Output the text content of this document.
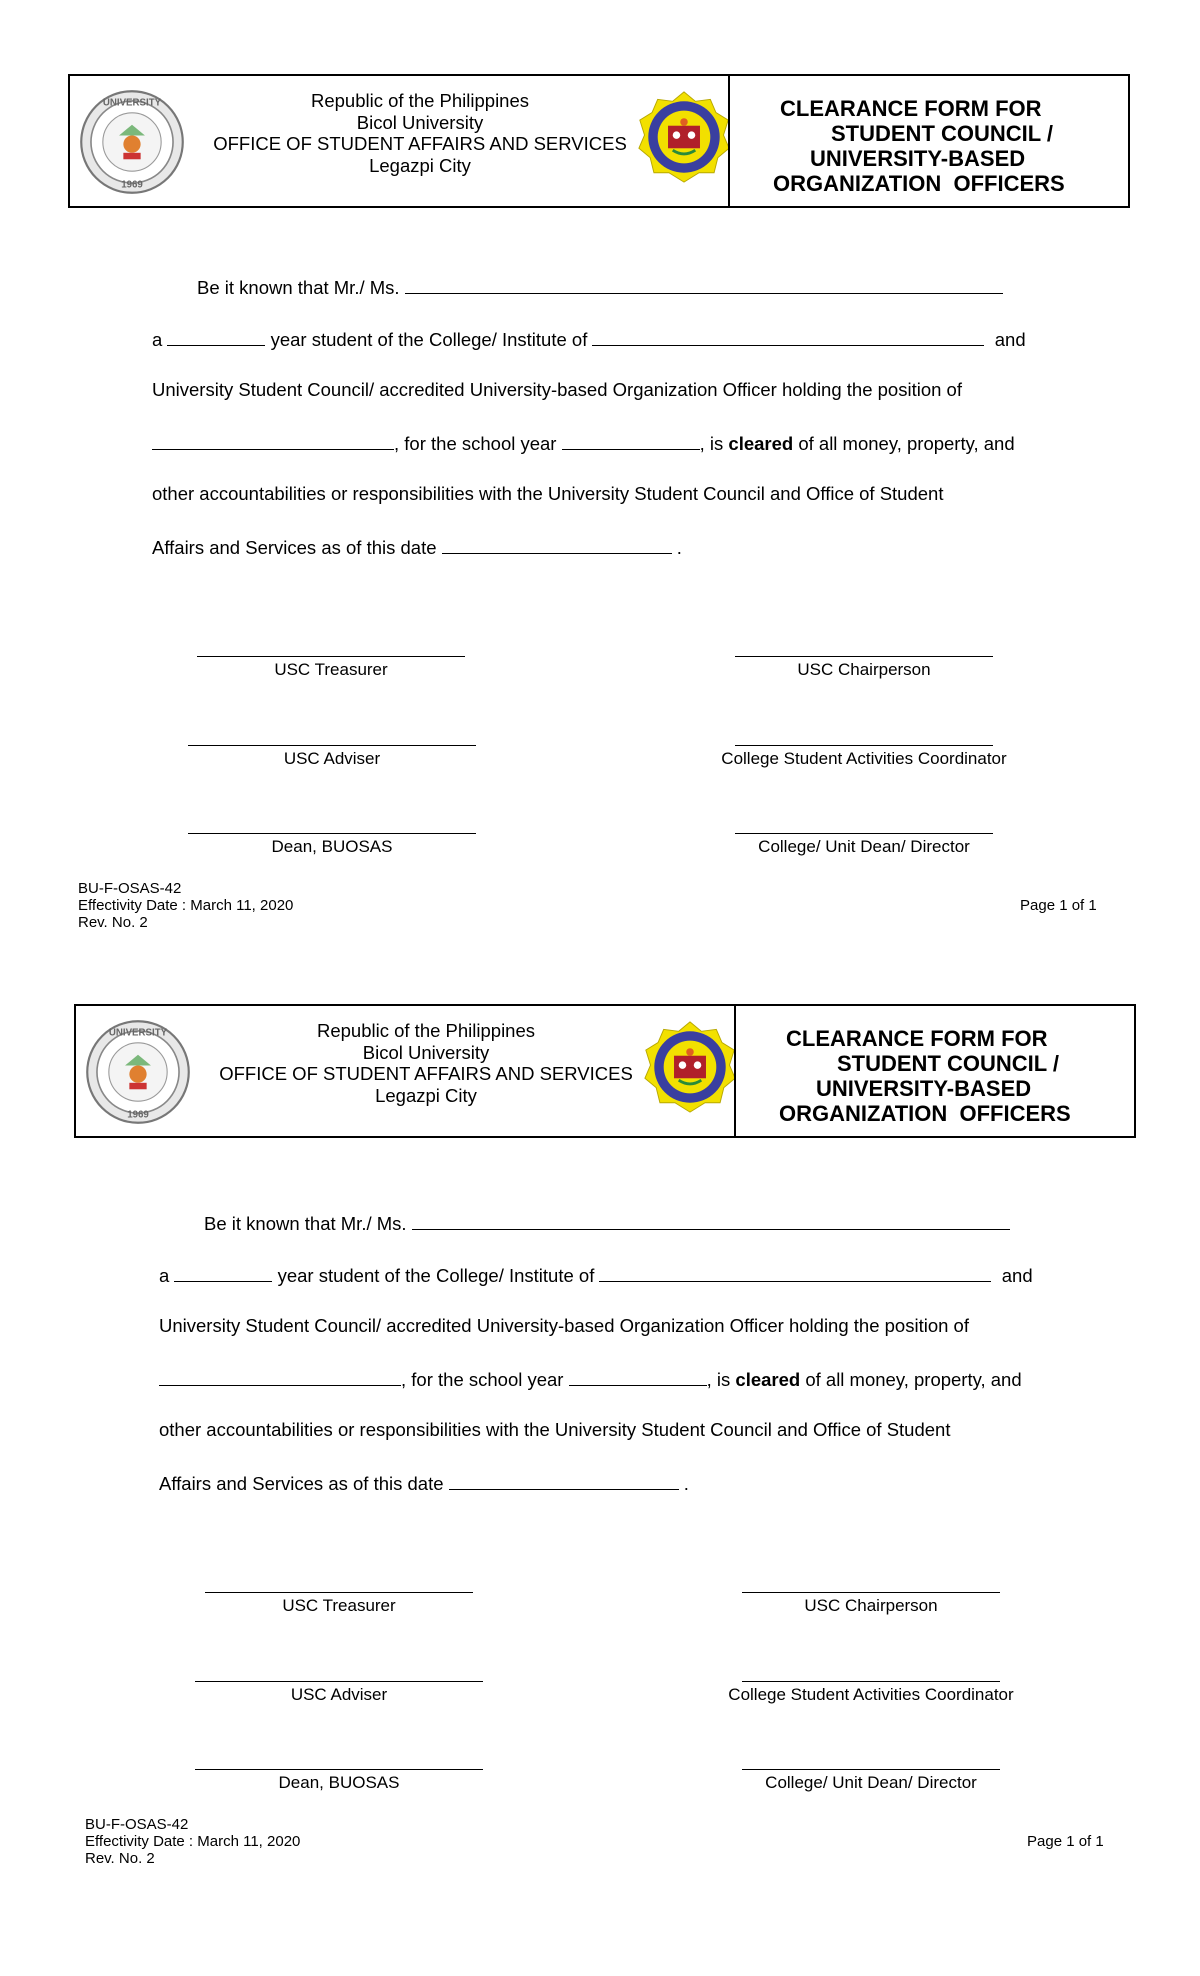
UNIVERSITY
1969
Republic of the Philippines
Bicol University
OFFICE OF STUDENT AFFAIRS AND SERVICES
Legazpi City
CLEARANCE FORM FOR
STUDENT COUNCIL /
UNIVERSITY-BASED
ORGANIZATION  OFFICERS
Be it known that Mr./ Ms.
a	year student of the College/ Institute of	and
University Student Council/ accredited University-based Organization Officer holding the position of
, for the school year	, is cleared of all money, property, and
other accountabilities or responsibilities with the University Student Council and Office of Student
Affairs and Services as of this date	.
USC Treasurer	USC Chairperson
USC Adviser	College Student Activities Coordinator
Dean, BUOSAS	College/ Unit Dean/ Director
BU-F-OSAS-42
Effectivity Date : March 11, 2020
Rev. No. 2
Page 1 of 1
UNIVERSITY
1969
Republic of the Philippines
Bicol University
OFFICE OF STUDENT AFFAIRS AND SERVICES
Legazpi City
CLEARANCE FORM FOR
STUDENT COUNCIL /
UNIVERSITY-BASED
ORGANIZATION  OFFICERS
Be it known that Mr./ Ms.
a	year student of the College/ Institute of	and
University Student Council/ accredited University-based Organization Officer holding the position of
, for the school year	, is cleared of all money, property, and
other accountabilities or responsibilities with the University Student Council and Office of Student
Affairs and Services as of this date	.
USC Treasurer	USC Chairperson
USC Adviser	College Student Activities Coordinator
Dean, BUOSAS	College/ Unit Dean/ Director
BU-F-OSAS-42
Effectivity Date : March 11, 2020
Rev. No. 2
Page 1 of 1
